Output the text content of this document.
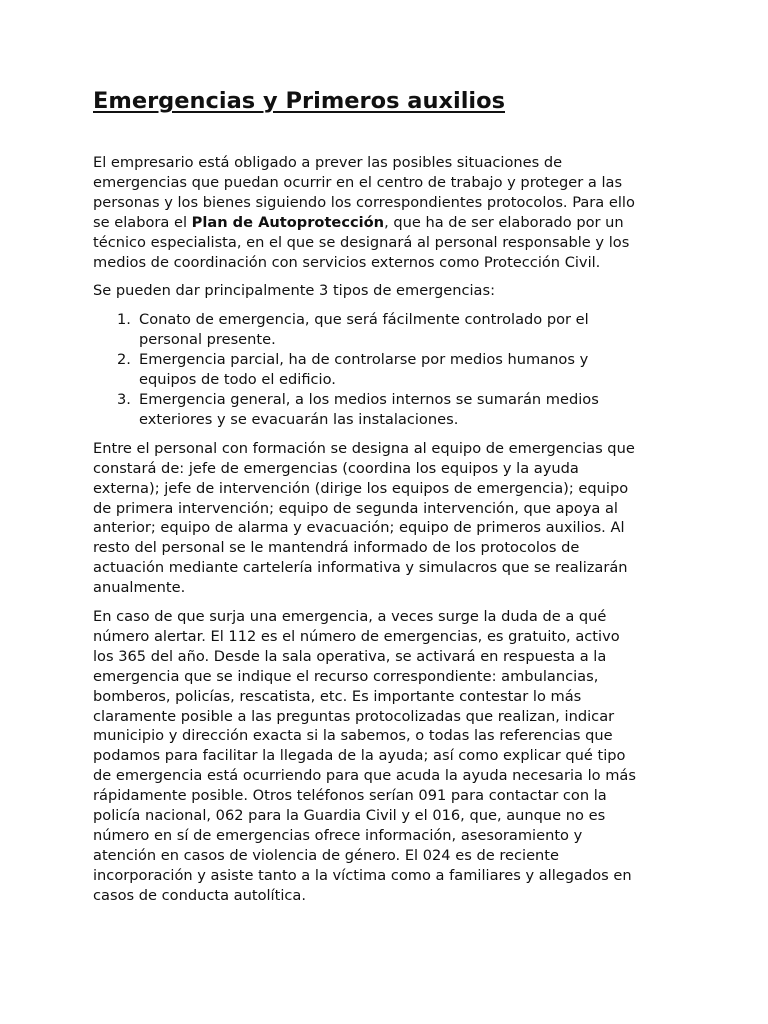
Emergencias y Primeros auxilios

El empresario está obligado a prever las posibles situaciones de
emergencias que puedan ocurrir en el centro de trabajo y proteger a las
personas y los bienes siguiendo los correspondientes protocolos. Para ello
se elabora el Plan de Autoprotección, que ha de ser elaborado por un
técnico especialista, en el que se designará al personal responsable y los
medios de coordinación con servicios externos como Protección Civil.

Se pueden dar principalmente 3 tipos de emergencias:

1. Conato de emergencia, que será fácilmente controlado por el
personal presente.
2. Emergencia parcial, ha de controlarse por medios humanos y
equipos de todo el edificio.
3. Emergencia general, a los medios internos se sumarán medios
exteriores y se evacuarán las instalaciones.

Entre el personal con formación se designa al equipo de emergencias que
constará de: jefe de emergencias (coordina los equipos y la ayuda
externa); jefe de intervención (dirige los equipos de emergencia); equipo
de primera intervención; equipo de segunda intervención, que apoya al
anterior; equipo de alarma y evacuación; equipo de primeros auxilios. Al
resto del personal se le mantendrá informado de los protocolos de
actuación mediante cartelería informativa y simulacros que se realizarán
anualmente.

En caso de que surja una emergencia, a veces surge la duda de a qué
número alertar. El 112 es el número de emergencias, es gratuito, activo
los 365 del año. Desde la sala operativa, se activará en respuesta a la
emergencia que se indique el recurso correspondiente: ambulancias,
bomberos, policías, rescatista, etc. Es importante contestar lo más
claramente posible a las preguntas protocolizadas que realizan, indicar
municipio y dirección exacta si la sabemos, o todas las referencias que
podamos para facilitar la llegada de la ayuda; así como explicar qué tipo
de emergencia está ocurriendo para que acuda la ayuda necesaria lo más
rápidamente posible. Otros teléfonos serían 091 para contactar con la
policía nacional, 062 para la Guardia Civil y el 016, que, aunque no es
número en sí de emergencias ofrece información, asesoramiento y
atención en casos de violencia de género. El 024 es de reciente
incorporación y asiste tanto a la víctima como a familiares y allegados en
casos de conducta autolítica.
